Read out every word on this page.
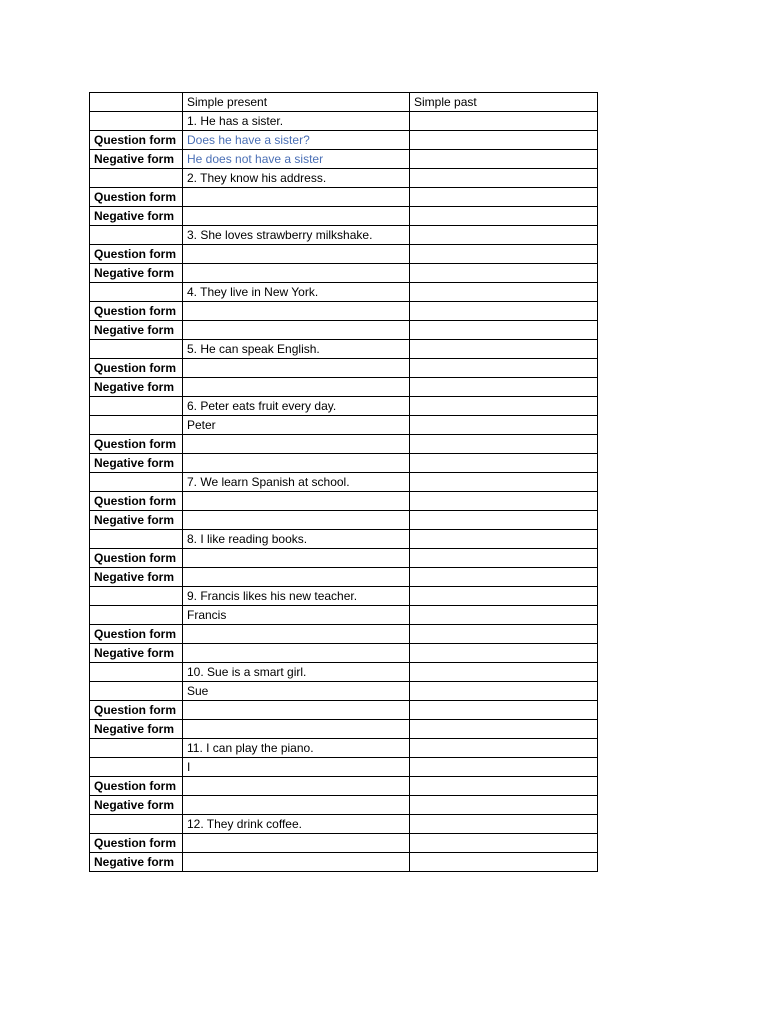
	Simple present	Simple past
	1. He has a sister.	
Question form	Does he have a sister?	
Negative form	He does not have a sister	
	2. They know his address.	
Question form		
Negative form		
	3. She loves strawberry milkshake.	
Question form		
Negative form		
	4. They live in New York.	
Question form		
Negative form		
	5. He can speak English.	
Question form		
Negative form		
	6. Peter eats fruit every day.	
	Peter	
Question form		
Negative form		
	7. We learn Spanish at school.	
Question form		
Negative form		
	8. I like reading books.	
Question form		
Negative form		
	9. Francis likes his new teacher.	
	Francis	
Question form		
Negative form		
	10. Sue is a smart girl.	
	Sue	
Question form		
Negative form		
	11. I can play the piano.	
	I	
Question form		
Negative form		
	12. They drink coffee.	
Question form		
Negative form		
